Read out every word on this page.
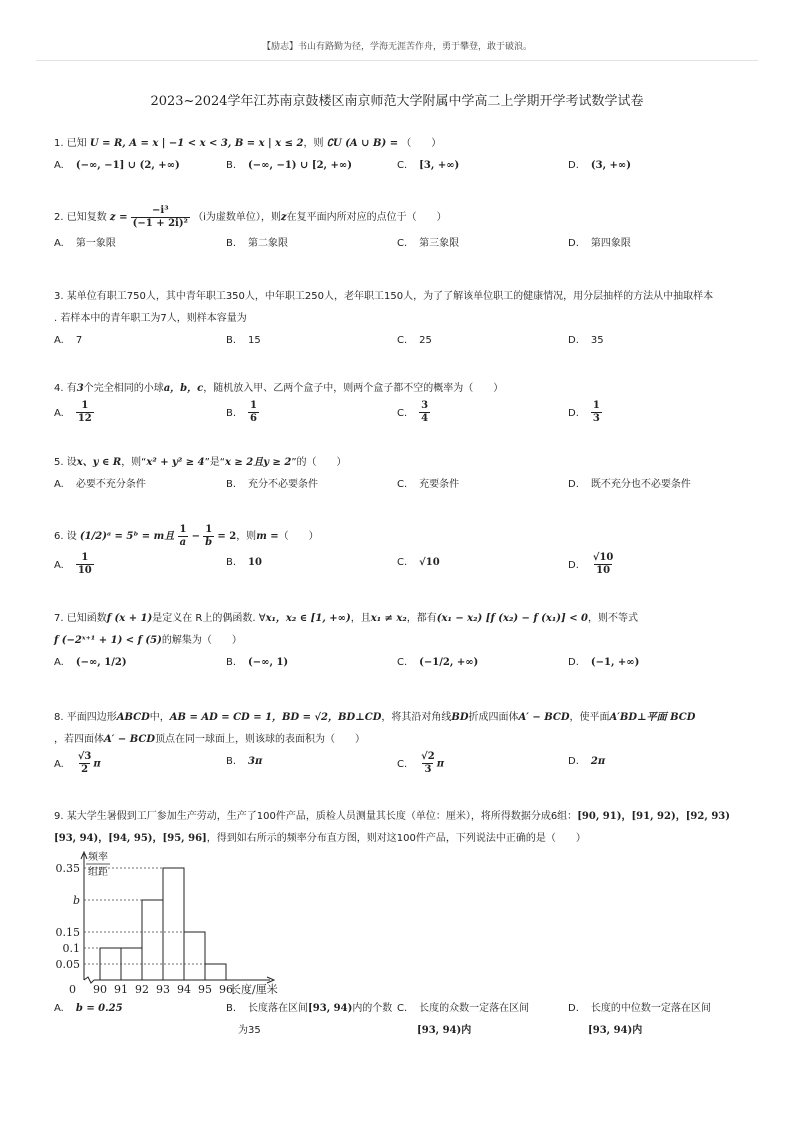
【励志】书山有路勤为径，学海无涯苦作舟，勇于攀登，敢于破浪。
2023~2024学年江苏南京鼓楼区南京师范大学附属中学高二上学期开学考试数学试卷
1. 已知 U = R, A = x | −1 < x < 3, B = x | x ≤ 2，则 ∁U (A ∪ B) = （　　）
A. (−∞, −1] ∪ (2, +∞)	B. (−∞, −1) ∪ [2, +∞)	C. [3, +∞)	D. (3, +∞)
2. 已知复数 $z = \frac{\text{−i³}}{\text{(−1 + 2i)²}} (i$为虚数单位），则z在复平面内所对应的点位于（　　）
A. 第一象限	B. 第二象限	C. 第三象限	D. 第四象限
3. 某单位有职工750人，其中青年职工350人，中年职工250人，老年职工150人，为了了解该单位职工的健康情况，用分层抽样的方法从中抽取样本
. 若样本中的青年职工为7人，则样本容量为
A. 7	B. 15	C. 25	D. 35
4. 有3个完全相同的小球a，b，c，随机放入甲、乙两个盒子中，则两个盒子都不空的概率为（　　）
A. $\frac{1}{12}$	B. $\frac{1}{6}$	C. $\frac{3}{4}$	D. $\frac{1}{3}$
5. 设x、y ∈ R，则“x² + y² ≥ 4”是“x ≥ 2且y ≥ 2”的（　　）
A. 必要不充分条件	B. 充分不必要条件	C. 充要条件	D. 既不充分也不必要条件
6. 设 (1/2)ᵃ = 5ᵇ = m且 $\frac{1}{a} - \frac{1}{b} = 2$，则m =（　　）
A. $\frac{1}{10}$	B. 10	C. √10	D. $\frac{√10}{10}$
7. 已知函数f (x + 1)是定义在 R上的偶函数. ∀x₁，x₂ ∈ [1, +∞)，且x₁ ≠ x₂，都有(x₁ − x₂) [f (x₂) − f (x₁)] < 0，则不等式
f (−2ˣ⁺¹ + 1) < f (5)的解集为（　　）
A. (−∞, 1/2)	B. (−∞, 1)	C. (−1/2, +∞)	D. (−1, +∞)
8. 平面四边形ABCD中，AB = AD = CD = 1，BD = √2，BD⊥CD，将其沿对角线BD折成四面体A′ − BCD，使平面A′BD⊥平面 BCD
，若四面体A′ − BCD顶点在同一球面上，则该球的表面积为（　　）
A. $\frac{√3}{2}$ π	B. 3π	C. $\frac{√2}{3}$ π	D. 2π
9. 某大学生暑假到工厂参加生产劳动，生产了100件产品，质检人员测量其长度（单位：厘米），将所得数据分成6组：[90, 91)，[91, 92)，[92, 93)
[93, 94)，[94, 95)，[95, 96]，得到如右所示的频率分布直方图，则对这100件产品，下列说法中正确的是（　　）
0.35
b
0.15
0.1
0.05
90 91 92 93 94 95 96
0	长度/厘米
频率
组距
A. b = 0.25	B. 长度落在区间[93, 94)内的个数
为35
C. 长度的众数一定落在区间
[93, 94)内
D. 长度的中位数一定落在区间
[93, 94)内
